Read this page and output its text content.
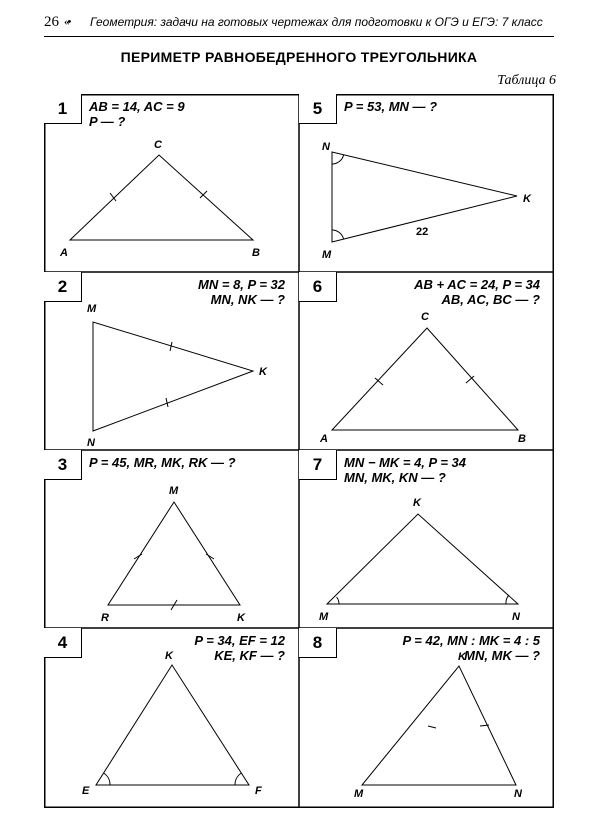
26 «• Геометрия: задачи на готовых чертежах для подготовки к ОГЭ и ЕГЭ: 7 класс
ПЕРИМЕТР РАВНОБЕДРЕННОГО ТРЕУГОЛЬНИКА
Таблица 6
1	AB = 14, AC = 9
P — ?
A	B
C
5	P = 53, MN — ?
N
M
K
22
2	MN = 8, P = 32
MN, NK — ?
M
N
K
6	AB + AC = 24, P = 34
AB, AC, BC — ?
A	B
C
3	P = 45, MR, MK, RK — ?
M
R	K
7	MN − MK = 4, P = 34
MN, MK, KN — ?
K
M	N
4	P = 34, EF = 12
KE, KF — ?
K
E	F
8	P = 42, MN : MK = 4 : 5
MN, MK — ?
K
M	N
